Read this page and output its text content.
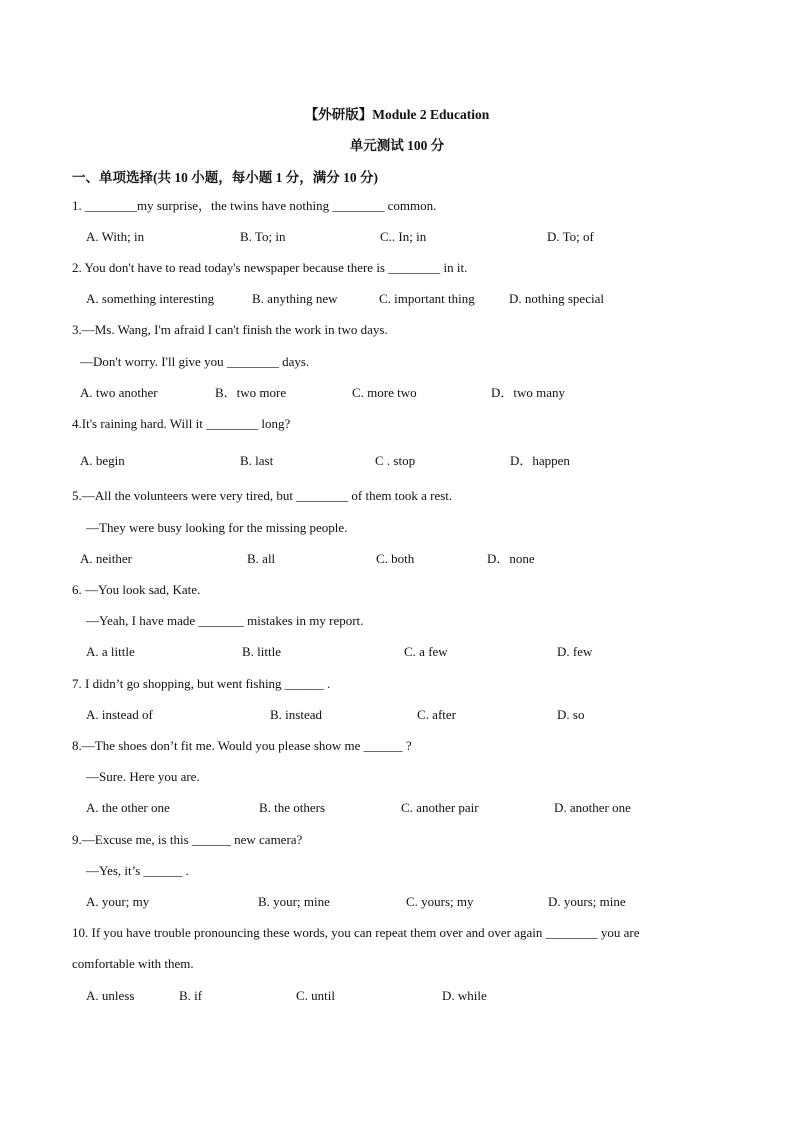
【外研版】Module 2 Education
单元测试 100 分
一、单项选择(共 10 小题，每小题 1 分，满分 10 分)
1. ________my surprise，the twins have nothing ________ common.
A. With; in	B. To; in	C.. In; in	D. To; of
2. You don't have to read today's newspaper because there is ________ in it.
A. something interesting	B. anything new	C. important thing	D. nothing special
3.—Ms. Wang, I'm afraid I can't finish the work in two days.
—Don't worry. I'll give you ________ days.
A. two another	B．two more	C. more two	D．two many
4.It's raining hard. Will it ________ long?
A. begin	B. last	C . stop	D．happen
5.—All the volunteers were very tired, but ________ of them took a rest.
—They were busy looking for the missing people.
A. neither	B. all	C. both	D．none
6. —You look sad, Kate.
—Yeah, I have made _______ mistakes in my report.
A. a little	B. little	C. a few	D. few
7. I didn’t go shopping, but went fishing ______ .
A. instead of	B. instead	C. after	D. so
8.—The shoes don’t fit me. Would you please show me ______ ?
—Sure. Here you are.
A. the other one	B. the others	C. another pair	D. another one
9.—Excuse me, is this ______ new camera?
—Yes, it’s ______ .
A. your; my	B. your; mine	C. yours; my	D. yours; mine
10. If you have trouble pronouncing these words, you can repeat them over and over again ________ you are
comfortable with them.
A. unless	B. if	C. until	D. while
